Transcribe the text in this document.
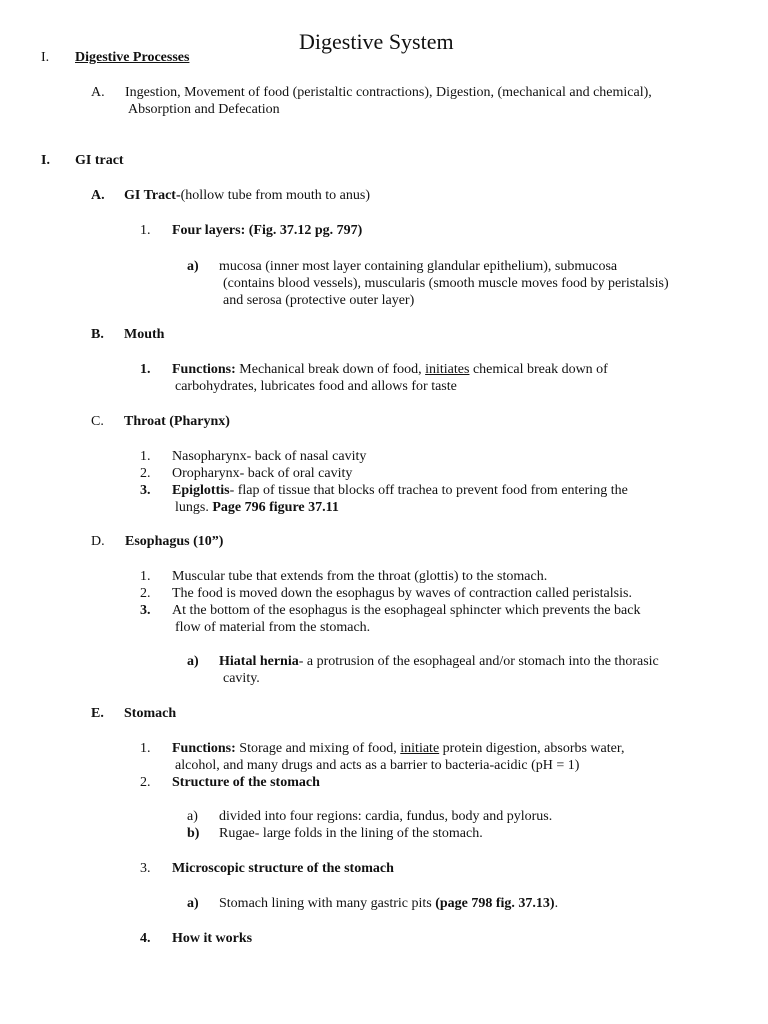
Digestive System
I. Digestive Processes
A. Ingestion, Movement of food (peristaltic contractions), Digestion, (mechanical and chemical),
Absorption and Defecation
I. GI tract
A. GI Tract-(hollow tube from mouth to anus)
1. Four layers: (Fig. 37.12 pg. 797)
a) mucosa (inner most layer containing glandular epithelium), submucosa
(contains blood vessels), muscularis (smooth muscle moves food by peristalsis)
and serosa (protective outer layer)
B. Mouth
1. Functions: Mechanical break down of food, initiates chemical break down of
carbohydrates, lubricates food and allows for taste
C. Throat (Pharynx)
1. Nasopharynx- back of nasal cavity
2. Oropharynx- back of oral cavity
3. Epiglottis- flap of tissue that blocks off trachea to prevent food from entering the
lungs. Page 796 figure 37.11
D. Esophagus (10”)
1. Muscular tube that extends from the throat (glottis) to the stomach.
2. The food is moved down the esophagus by waves of contraction called peristalsis.
3. At the bottom of the esophagus is the esophageal sphincter which prevents the back
flow of material from the stomach.
a) Hiatal hernia- a protrusion of the esophageal and/or stomach into the thorasic
cavity.
E. Stomach
1. Functions: Storage and mixing of food, initiate protein digestion, absorbs water,
alcohol, and many drugs and acts as a barrier to bacteria-acidic (pH = 1)
2. Structure of the stomach
a) divided into four regions: cardia, fundus, body and pylorus.
b) Rugae- large folds in the lining of the stomach.
3. Microscopic structure of the stomach
a) Stomach lining with many gastric pits (page 798 fig. 37.13).
4. How it works
